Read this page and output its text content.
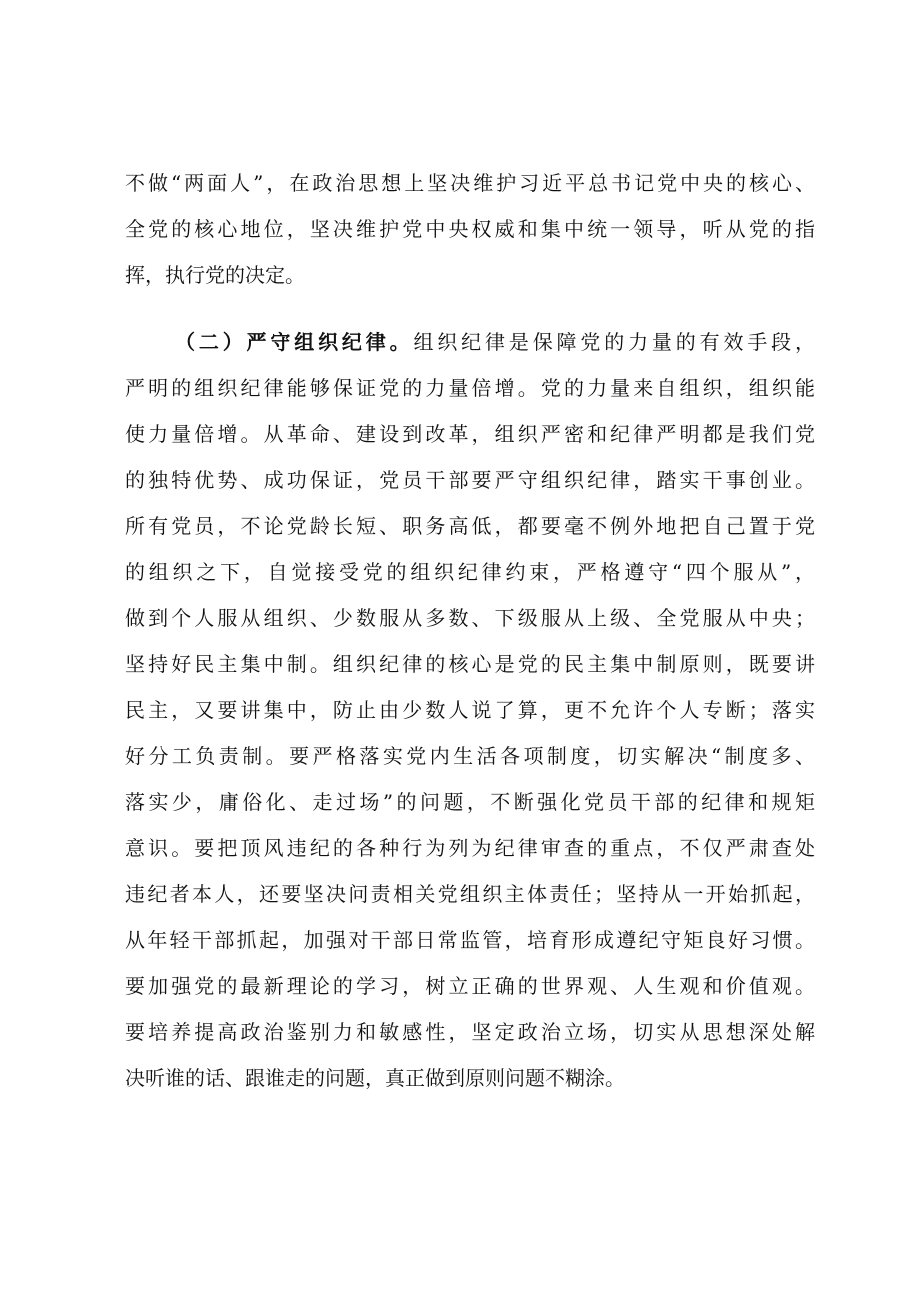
不做“两面人”，在政治思想上坚决维护习近平总书记党中央的核心、
全党的核心地位，坚决维护党中央权威和集中统一领导，听从党的指
挥，执行党的决定。
（二）严守组织纪律。组织纪律是保障党的力量的有效手段，
严明的组织纪律能够保证党的力量倍增。党的力量来自组织，组织能
使力量倍增。从革命、建设到改革，组织严密和纪律严明都是我们党
的独特优势、成功保证，党员干部要严守组织纪律，踏实干事创业。
所有党员，不论党龄长短、职务高低，都要毫不例外地把自己置于党
的组织之下，自觉接受党的组织纪律约束，严格遵守“四个服从”，
做到个人服从组织、少数服从多数、下级服从上级、全党服从中央；
坚持好民主集中制。组织纪律的核心是党的民主集中制原则，既要讲
民主，又要讲集中，防止由少数人说了算，更不允许个人专断；落实
好分工负责制。要严格落实党内生活各项制度，切实解决“制度多、
落实少，庸俗化、走过场”的问题，不断强化党员干部的纪律和规矩
意识。要把顶风违纪的各种行为列为纪律审查的重点，不仅严肃查处
违纪者本人，还要坚决问责相关党组织主体责任；坚持从一开始抓起，
从年轻干部抓起，加强对干部日常监管，培育形成遵纪守矩良好习惯。
要加强党的最新理论的学习，树立正确的世界观、人生观和价值观。
要培养提高政治鉴别力和敏感性，坚定政治立场，切实从思想深处解
决听谁的话、跟谁走的问题，真正做到原则问题不糊涂。
